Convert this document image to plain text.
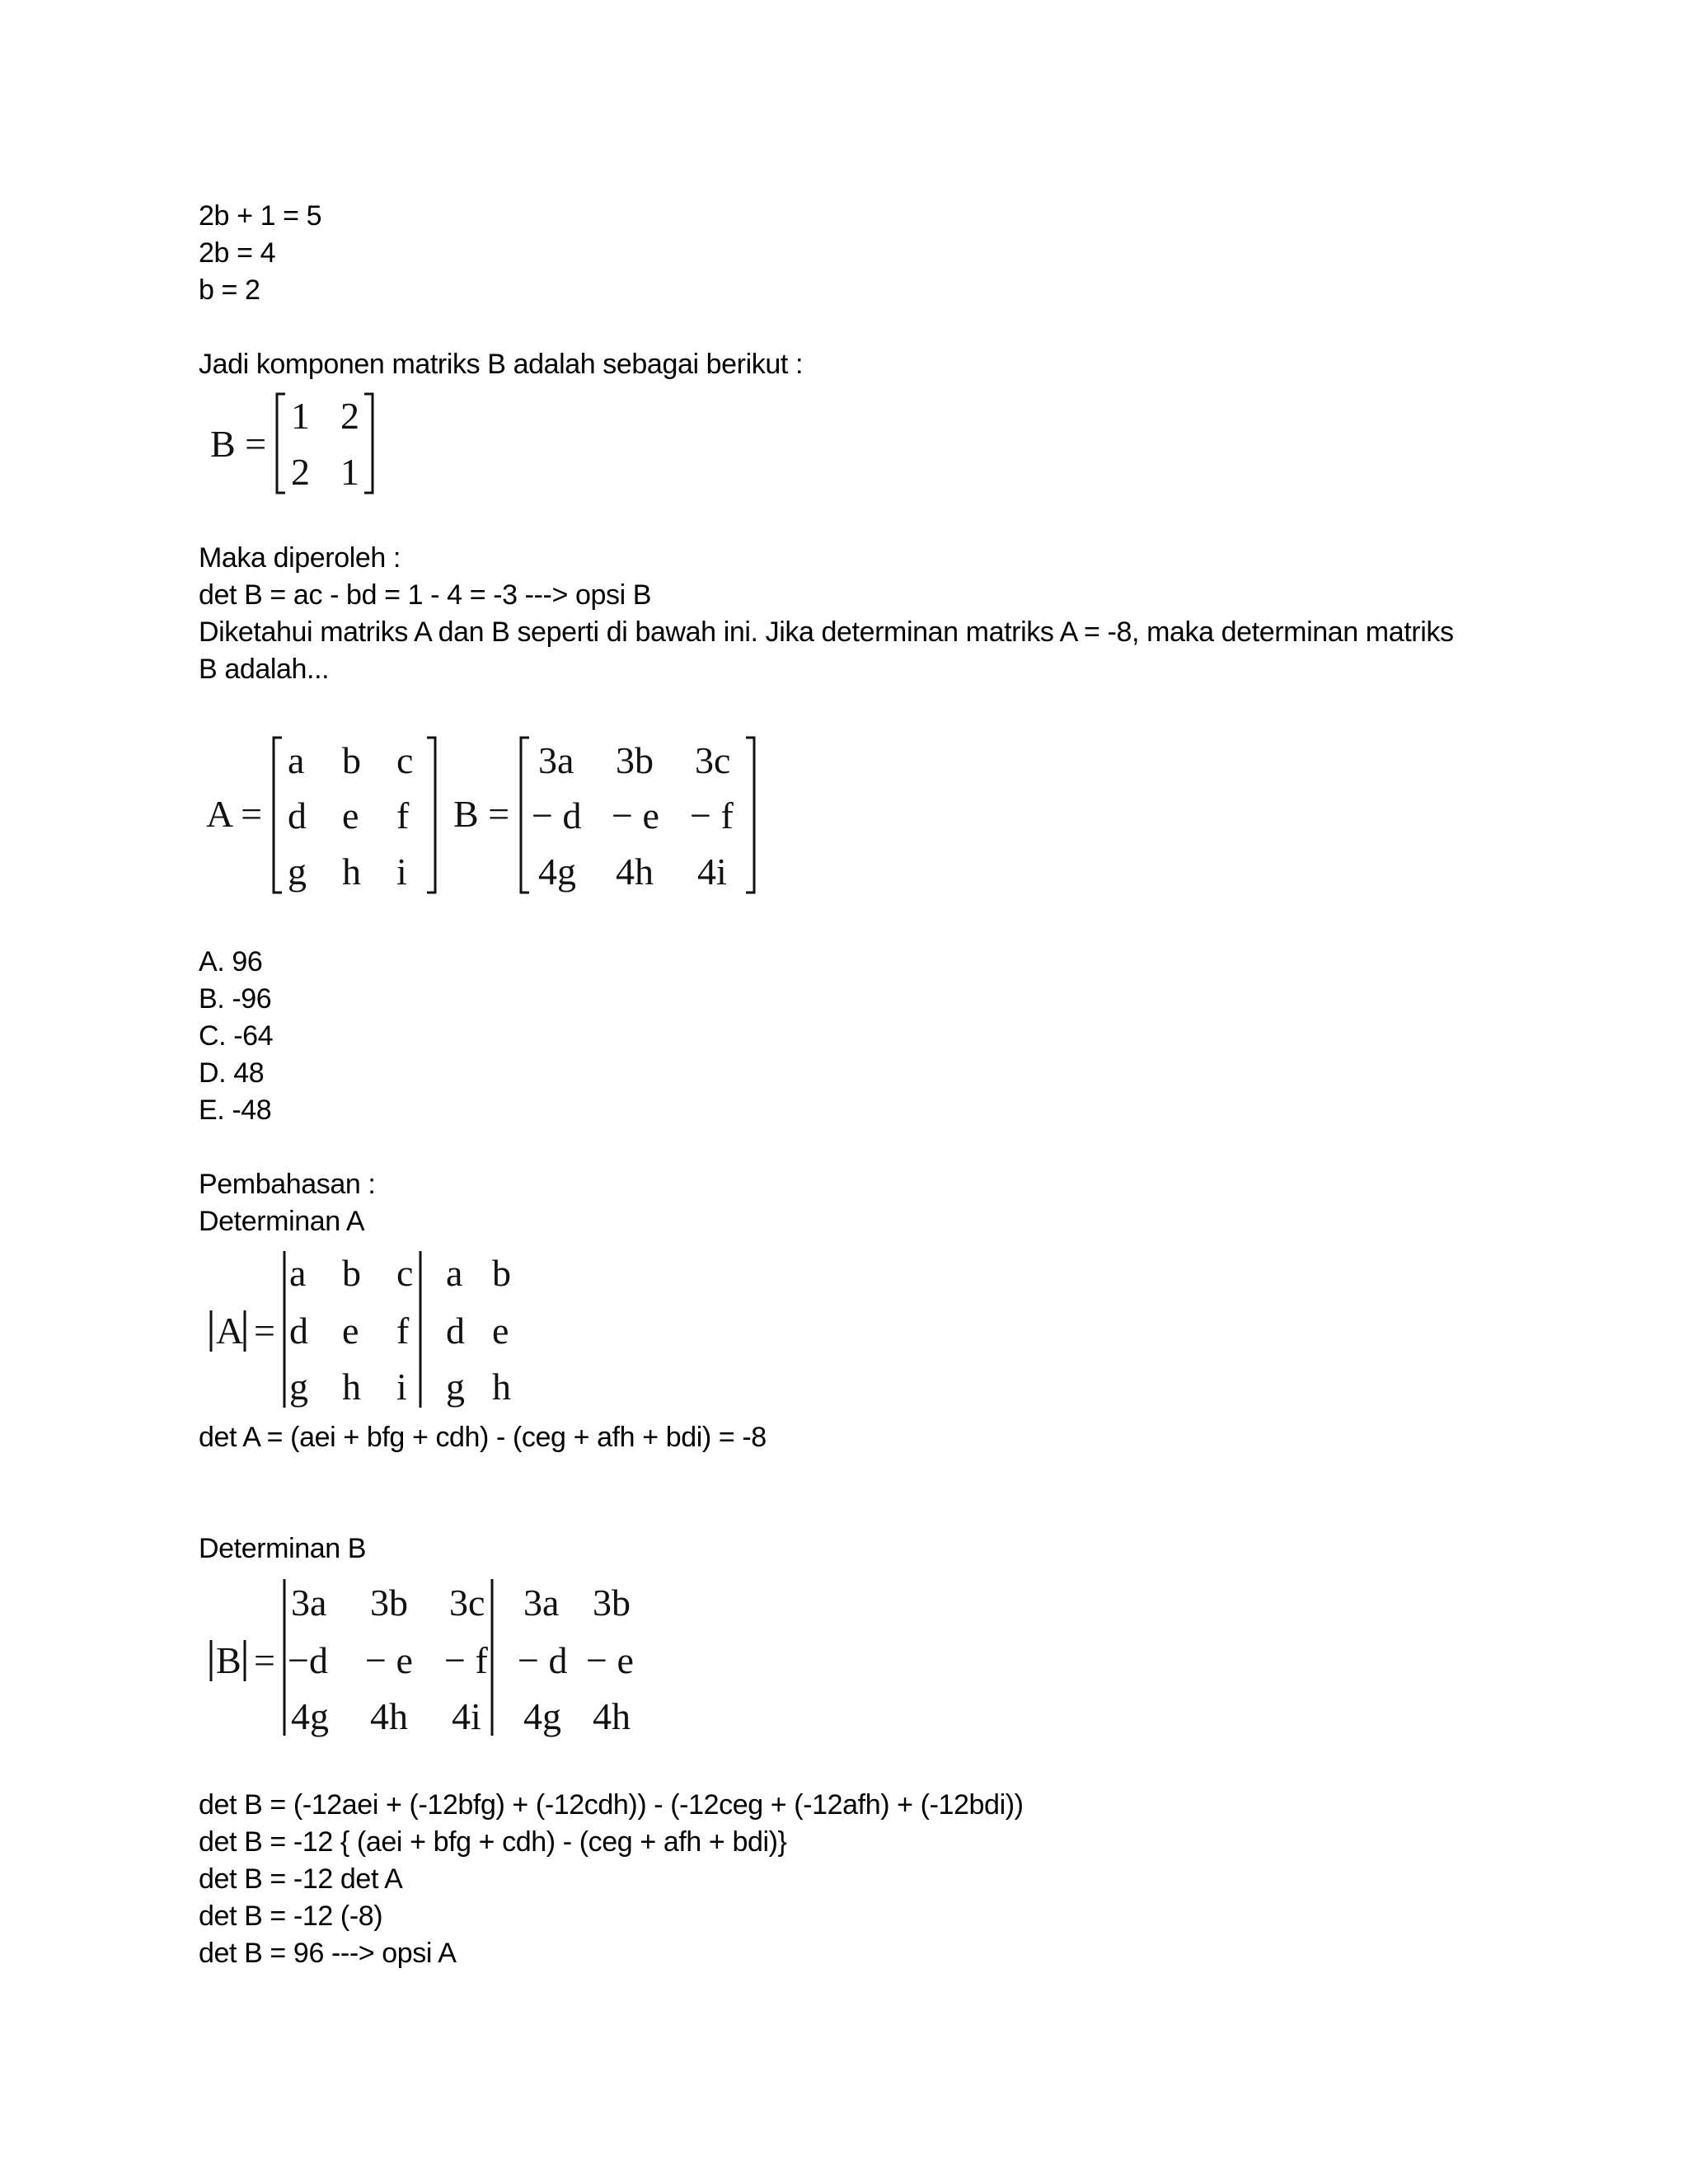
2b + 1 = 5
2b = 4
b = 2
Jadi komponen matriks B adalah sebagai berikut :
B =
1 2
2 1
Maka diperoleh :
det B = ac - bd = 1 - 4 = -3 ---> opsi B
Diketahui matriks A dan B seperti di bawah ini. Jika determinan matriks A = -8, maka determinan matriks
B adalah...
A =
a b c
d e f
g h i
B =
3a 3b 3c
− d − e − f
4g 4h 4i
A. 96
B. -96
C. -64
D. 48
E. -48
Pembahasan :
Determinan A
A =
a b c
d e f
g h i
a b
d e
g h
det A = (aei + bfg + cdh) - (ceg + afh + bdi) = -8
Determinan B
B =
3a 3b 3c
−d − e − f
4g 4h 4i
3a 3b
− d − e
4g 4h
det B = (-12aei + (-12bfg) + (-12cdh)) - (-12ceg + (-12afh) + (-12bdi))
det B = -12 { (aei + bfg + cdh) - (ceg + afh + bdi)}
det B = -12 det A
det B = -12 (-8)
det B = 96 ---> opsi A
